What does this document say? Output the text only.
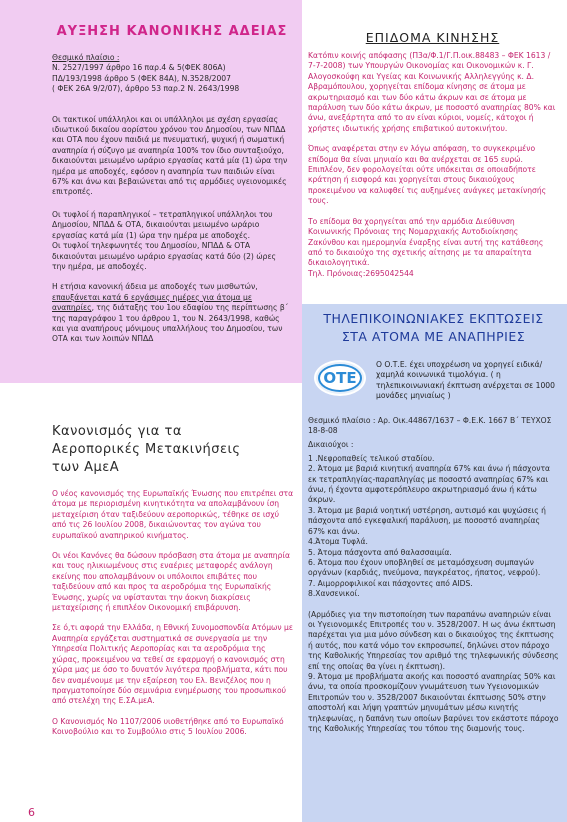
ΑΥΞΗΣΗ ΚΑΝΟΝΙΚΗΣ ΑΔΕΙΑΣ
Θεσμικό πλαίσιο :
Ν. 2527/1997 άρθρο 16 παρ.4 & 5(ΦΕΚ 806Α)
ΠΔ/193/1998 άρθρο 5 (ΦΕΚ 84Α), Ν.3528/2007
( ΦΕΚ 26Α 9/2/07), άρθρο 53 παρ.2 Ν. 2643/1998
Οι τακτικοί υπάλληλοι και οι υπάλληλοι με σχέση εργασίας ιδιωτικού δικαίου αορίστου χρόνου του Δημοσίου, των ΝΠΔΔ και ΟΤΑ που έχουν παιδιά με πνευματική, ψυχική ή σωματική αναπηρία ή σύζυγο με αναπηρία 100% τον ίδιο συνταξιούχο, δικαιούνται μειωμένο ωράριο εργασίας κατά μία (1) ώρα την ημέρα με αποδοχές, εφόσον η αναπηρία των παιδιών είναι 67% και άνω και βεβαιώνεται από τις αρμόδιες υγειονομικές επιτροπές.
Οι τυφλοί ή παραπληγικοί – τετραπληγικοί υπάλληλοι του Δημοσίου, ΝΠΔΔ & ΟΤΑ, δικαιούνται μειωμένο ωράριο εργασίας κατά μία (1) ώρα την ημέρα με αποδοχές.
Οι τυφλοί τηλεφωνητές του Δημοσίου, ΝΠΔΔ & ΟΤΑ δικαιούνται μειωμένο ωράριο εργασίας κατά δύο (2) ώρες την ημέρα, με αποδοχές.
Η ετήσια κανονική άδεια με αποδοχές των μισθωτών, επαυξάνεται κατά 6 εργάσιμες ημέρες για άτομα με αναπηρίες, της διάταξης του 1ου εδαφίου της περίπτωσης β΄ της παραγράφου 1 του άρθρου 1, του Ν. 2643/1998, καθώς και για αναπήρους μόνιμους υπαλλήλους του Δημοσίου, των ΟΤΑ και των λοιπών ΝΠΔΔ
ΕΠΙΔΟΜΑ ΚΙΝΗΣΗΣ
Κατόπιν κοινής απόφασης (Π3α/Φ.1/Γ.Π.οικ.88483 – ΦΕΚ 1613 / 7-7-2008) των Υπουργών Οικονομίας και Οικονομικών κ. Γ. Αλογοσκούφη και Υγείας και Κοινωνικής Αλληλεγγύης κ. Δ. Αβραμόπουλου, χορηγείται επίδομα κίνησης σε άτομα με ακρωτηριασμό και των δύο κάτω άκρων και σε άτομα με παράλυση των δύο κάτω άκρων, με ποσοστό αναπηρίας 80% και άνω, ανεξάρτητα από το αν είναι κύριοι, νομείς, κάτοχοι ή χρήστες ιδιωτικής χρήσης επιβατικού αυτοκινήτου.
Όπως αναφέρεται στην εν λόγω απόφαση, το συγκεκριμένο επίδομα θα είναι μηνιαίο και θα ανέρχεται σε 165 ευρώ. Επιπλέον, δεν φορολογείται ούτε υπόκειται σε οποιαδήποτε κράτηση ή εισφορά και χορηγείται στους δικαιούχους προκειμένου να καλυφθεί τις αυξημένες ανάγκες μετακίνησής τους.
Το επίδομα θα χορηγείται από την αρμόδια Διεύθυνση Κοινωνικής Πρόνοιας της Νομαρχιακής Αυτοδιοίκησης Ζακύνθου και ημερομηνία έναρξης είναι αυτή της κατάθεσης από το δικαιούχο της σχετικής αίτησης με τα απαραίτητα δικαιολογητικά.
Τηλ. Πρόνοιας:2695042544
ΤΗΛΕΠΙΚΟΙΝΩΝΙΑΚΕΣ ΕΚΠΤΩΣΕΙΣ
ΣΤΑ ΑΤΟΜΑ ΜΕ ΑΝΑΠΗΡΙΕΣ
ΟΤΕ
Ο Ο.Τ.Ε. έχει υποχρέωση να χορηγεί ειδικά/χαμηλά κοινωνικά τιμολόγια. ( η τηλεπικοινωνιακή έκπτωση ανέρχεται σε 1000 μονάδες μηνιαίως )
Θεσμικό πλαίσιο : Αρ. Οικ.44867/1637 – Φ.Ε.Κ. 1667 Β΄ ΤΕΥΧΟΣ 18-8-08
Δικαιούχοι :
1 .Νεφροπαθείς τελικού σταδίου.
2. Άτομα με βαριά κινητική αναπηρία 67% και άνω ή πάσχοντα εκ τετραπληγίας-παραπληγίας με ποσοστό αναπηρίας 67% και άνω, ή έχοντα αμφοτερόπλευρο ακρωτηριασμό άνω ή κάτω άκρων.
3. Άτομα με βαριά νοητική υστέρηση, αυτισμό και ψυχώσεις ή πάσχοντα από εγκεφαλική παράλυση, με ποσοστό αναπηρίας 67% και άνω.
4.Άτομα Τυφλά.
5. Άτομα πάσχοντα από θαλασσαιμία.
6. Άτομα που έχουν υποβληθεί σε μεταμόσχευση συμπαγών οργάνων (καρδιάς, πνεύμονα, παγκρέατος, ήπατος, νεφρού).
7. Αιμορροφιλικοί και πάσχοντες από AIDS.
8.Χανσενικοί.
(Αρμόδιες για την πιστοποίηση των παραπάνω αναπηριών είναι οι Υγειονομικές Επιτροπές του ν. 3528/2007. Η ως άνω έκπτωση παρέχεται για μια μόνο σύνδεση και ο δικαιούχος της έκπτωσης ή αυτός, που κατά νόμο τον εκπροσωπεί, δηλώνει στον πάροχο της Καθολικής Υπηρεσίας τον αριθμό της τηλεφωνικής σύνδεσης επί της οποίας θα γίνει η έκπτωση).
9. Άτομα με προβλήματα ακοής και ποσοστό αναπηρίας 50% και άνω, τα οποία προσκομίζουν γνωμάτευση των Υγειονομικών Επιτροπών του ν. 3528/2007 δικαιούνται έκπτωσης 50% στην αποστολή και λήψη γραπτών μηνυμάτων μέσω κινητής τηλεφωνίας, η δαπάνη των οποίων βαρύνει τον εκάστοτε πάροχο της Καθολικής Υπηρεσίας του τόπου της διαμονής τους.
Κανονισμός για τα
Αεροπορικές Μετακινήσεις
των ΑμεΑ
Ο νέος κανονισμός της Ευρωπαϊκής Ένωσης που επιτρέπει στα άτομα με περιορισμένη κινητικότητα να απολαμβάνουν ίση μεταχείριση όταν ταξιδεύουν αεροπορικώς, τέθηκε σε ισχύ από τις 26 Ιουλίου 2008, δικαιώνοντας τον αγώνα του ευρωπαϊκού αναπηρικού κινήματος.
Οι νέοι Κανόνες θα δώσουν πρόσβαση στα άτομα με αναπηρία και τους ηλικιωμένους στις εναέριες μεταφορές ανάλογη εκείνης που απολαμβάνουν οι υπόλοιποι επιβάτες που ταξιδεύουν από και προς τα αεροδρόμια της Ευρωπαϊκής Ένωσης, χωρίς να υφίστανται την άοκνη διακρίσεις μεταχείρισης ή επιπλέον Οικονομική επιβάρυνση.
Σε ό,τι αφορά την Ελλάδα, η Εθνική Συνομοσπονδία Ατόμων με Αναπηρία εργάζεται συστηματικά σε συνεργασία με την Υπηρεσία Πολιτικής Αεροπορίας και τα αεροδρόμια της χώρας, προκειμένου να τεθεί σε εφαρμογή ο κανονισμός στη χώρα μας με όσο το δυνατόν λιγότερα προβλήματα, κάτι που δεν αναμένουμε με την εξαίρεση του Ελ. Βενιζέλος που η πραγματοποίησε δύο σεμινάρια ενημέρωσης του προσωπικού από στελέχη της Ε.ΣΑ.μεΑ.
Ο Κανονισμός Νο 1107/2006 υιοθετήθηκε από το Ευρωπαϊκό Κοινοβούλιο και το Συμβούλιο στις 5 Ιουλίου 2006.
6
